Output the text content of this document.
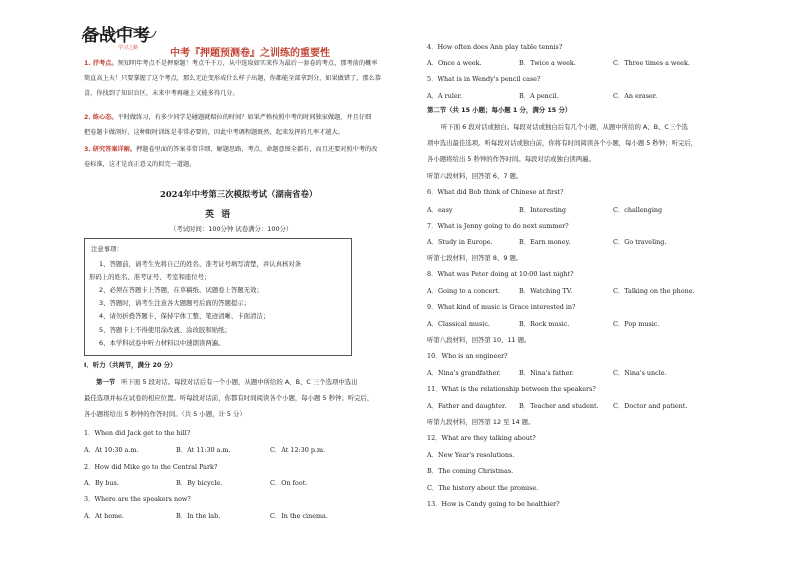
备战中考
学习之路	中考『押题预测卷』之训练的重要性
1. 抒考点。预知明年考点不是押原题！考点千千万，从中选取如实来作为最后一套卷的考点，那考前的概率
简直高上天！只要掌握了这个考点，那么无论变形成什么样子出题，你都能全部拿到分，如果做错了，那么恭
喜，你找到了知识盲区，未来中考再碰上又能多得几分。
2. 练心态。平时做练习，有多少同学是碰题就赔拉的时间？如果严格按照中考的时间独家做题，并且仔细
把卷题卡做浏好，这种限时训练是非常必要的，因此中考调程题既然，起来发挥的几率才越大。
3. 研究答案详解。押题卷里面的答案非常详细，解题思路、考点、命题意图全都有，而且还要对照中考的改
卷标准，这才是真正意义的拟完一道题。
2024年中考第三次模拟考试（湖南省卷）
英 语
（考试时间：100分钟 试卷满分：100分）
注意事项：
1、答题前，请考生先将自己的姓名、准考证号填写清楚，并认真核对条
形码上的姓名、准考证号、考室和座位号；
2、必须在答题卡上答题，在草稿纸、试题卷上答题无效；
3、答题时，请考生注意各大题题号后面的答题提示；
4、请勿折叠答题卡，保持字体工整、笔迹清晰、卡面清洁；
5、答题卡上不得使用涂改液、涂改胶和贴纸；
6、本学科试卷中听力材料以中速朗读两遍。
I．听力（共两节，满分 20 分）
第一节 听下面 5 段对话。每段对话后有一个小题，从题中所给的 A、B、C 三个选项中选出
最佳选项并标在试卷的相应位置。听每段对话前，你都有时间阅读各个小题，每小题 5 秒钟；听完后，
各小题将给出 5 秒钟的作答时间。（共 5 小题，计 5 分）
1．When did Jack get to the hill?
A．At 10:30 a.m.	B．At 11:30 a.m.	C．At 12:30 p.m.
2．How did Mike go to the Central Park?
A．By bus.	B．By bicycle.	C．On foot.
3．Where are the speakers now?
A．At home.	B．In the lab.	C．In the cinema.
4．How often does Ann play table tennis?
A．Once a week.	B．Twice a week.	C．Three times a week.
5．What is in Wendy's pencil case?
A．A ruler.	B．A pencil.	C．An eraser.
第二节（共 15 小题；每小题 1 分，满分 15 分）
听下面 6 段对话或独白。每段对话或独白后有几个小题，从题中所给的 A、B、C三个选
项中选出最佳选项。听每段对话或独白前，你将有时间阅读各个小题，每小题 5 秒钟；听完后，
各小题将给出 5 秒钟的作答时间。每段对话或独白读两遍。
听第六段材料，回答第 6、7 题。
6．What did Bob think of Chinese at first?
A．easy	B．Interesting	C．challenging
7．What is Jenny going to do next summer?
A．Study in Europe.	B．Earn money.	C．Go traveling.
听第七段材料，回答第 8、9 题。
8．What was Peter doing at 10:00 last night?
A．Going to a concert.	B．Watching TV.	C．Talking on the phone.
9．What kind of music is Grace interested in?
A．Classical music.	B．Rock music.	C．Pop music.
听第八段材料，回答第 10、11 题。
10．Who is an engineer?
A．Nina's grandfather.	B．Nina's father.	C．Nina's uncle.
11．What is the relationship between the speakers?
A．Father and daughter. B．Teacher and student. C．Doctor and patient.
听第九段材料，回答第 12 至 14 题。
12．What are they talking about?
A．New Year's resolutions.
B．The coming Christmas.
C．The history about the promise.
13．How is Candy going to be healthier?
